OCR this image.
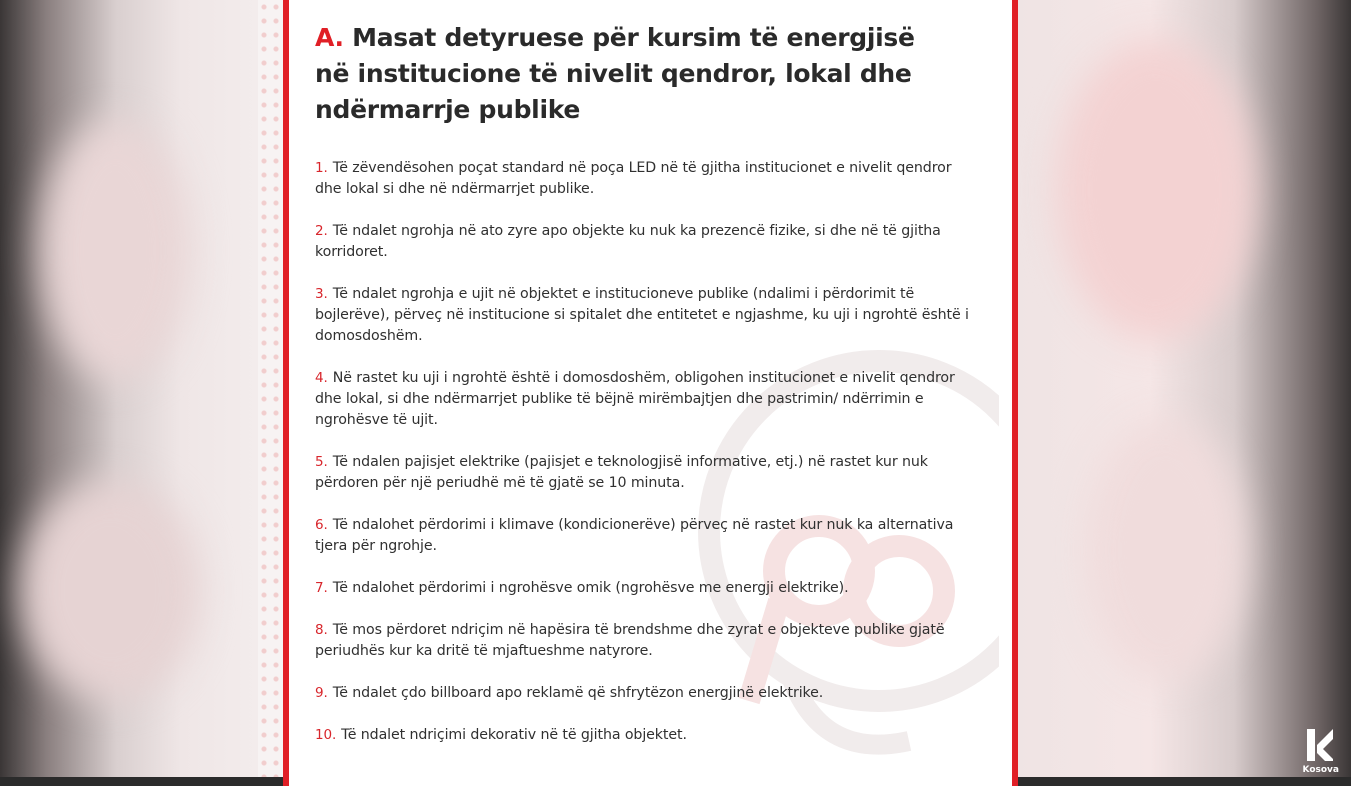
A. Masat detyruese për kursim të energjisë në institucione të nivelit qendror, lokal dhe ndërmarrje publike
1. Të zëvendësohen poçat standard në poça LED në të gjitha institucionet e nivelit qendror dhe lokal si dhe në ndërmarrjet publike.
2. Të ndalet ngrohja në ato zyre apo objekte ku nuk ka prezencë fizike, si dhe në të gjitha korridoret.
3. Të ndalet ngrohja e ujit në objektet e institucioneve publike (ndalimi i përdorimit të bojlerëve), përveç në institucione si spitalet dhe entitetet e ngjashme, ku uji i ngrohtë është i domosdoshëm.
4. Në rastet ku uji i ngrohtë është i domosdoshëm, obligohen institucionet e nivelit qendror dhe lokal, si dhe ndërmarrjet publike të bëjnë mirëmbajtjen dhe pastrimin/ ndërrimin e ngrohësve të ujit.
5. Të ndalen pajisjet elektrike (pajisjet e teknologjisë informative, etj.) në rastet kur nuk përdoren për një periudhë më të gjatë se 10 minuta.
6. Të ndalohet përdorimi i klimave (kondicionerëve) përveç në rastet kur nuk ka alternativa tjera për ngrohje.
7. Të ndalohet përdorimi i ngrohësve omik (ngrohësve me energji elektrike).
8. Të mos përdoret ndriçim në hapësira të brendshme dhe zyrat e objekteve publike gjatë periudhës kur ka dritë të mjaftueshme natyrore.
9. Të ndalet çdo billboard apo reklamë që shfrytëzon energjinë elektrike.
10. Të ndalet ndriçimi dekorativ në të gjitha objektet.
Kosova
